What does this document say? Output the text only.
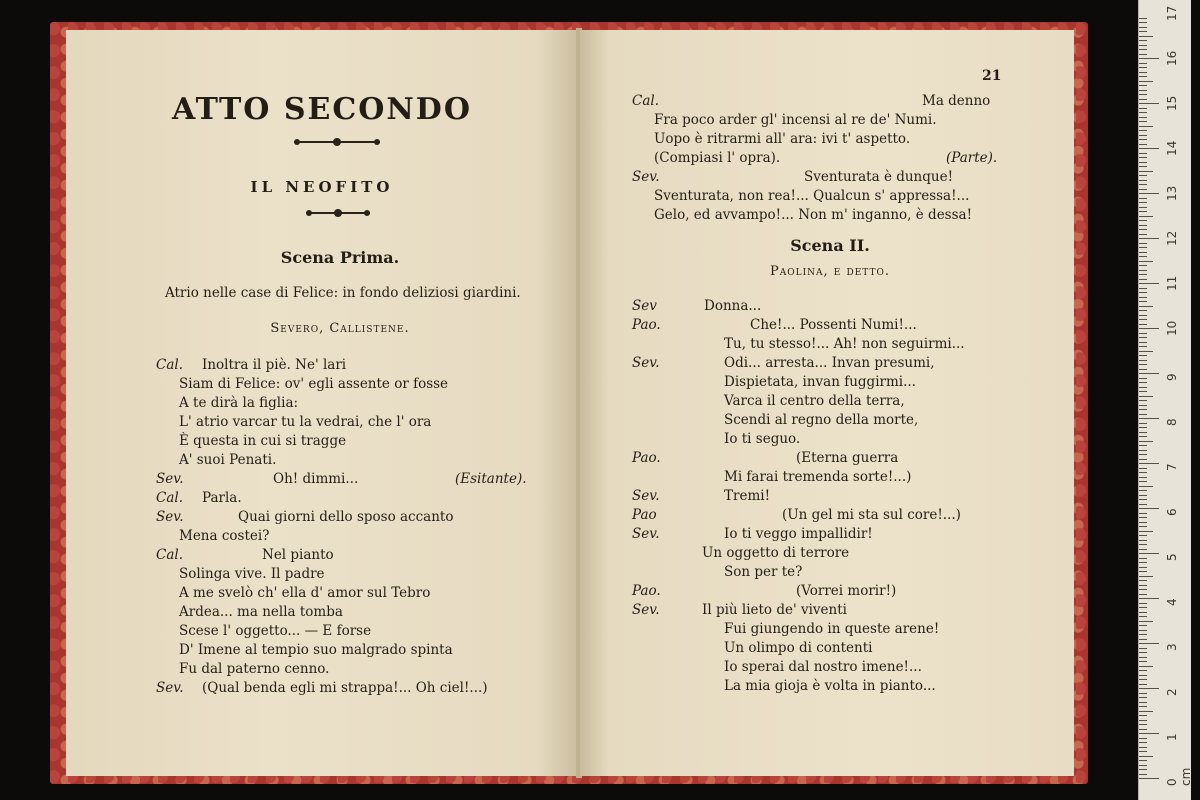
ATTO SECONDO
IL NEOFITO
Scena Prima.
Atrio nelle case di Felice: in fondo deliziosi giardini.
Severo, Callistene.
Cal. Inoltra il piè. Ne' lari
Siam di Felice: ov' egli assente or fosse
A te dirà la figlia:
L' atrio varcar tu la vedrai, che l' ora
È questa in cui si tragge
A' suoi Penati.
Sev.	Oh! dimmi...	(Esitante).
Cal. Parla.
Sev.	Quai giorni dello sposo accanto
Mena costei?
Cal.	Nel pianto
Solinga vive. Il padre
A me svelò ch' ella d' amor sul Tebro
Ardea... ma nella tomba
Scese l' oggetto... — E forse
D' Imene al tempio suo malgrado spinta
Fu dal paterno cenno.
Sev. (Qual benda egli mi strappa!... Oh ciel!...)
21
Cal.	Ma denno
Fra poco arder gl' incensi al re de' Numi.
Uopo è ritrarmi all' ara: ivi t' aspetto.
(Compiasi l' opra).	(Parte).
Sev.	Sventurata è dunque!
Sventurata, non rea!... Qualcun s' appressa!...
Gelo, ed avvampo!... Non m' inganno, è dessa!
Scena II.
Paolina, e detto.
Sev	Donna...
Pao.	Che!... Possenti Numi!...
Tu, tu stesso!... Ah! non seguirmi...
Sev.	Odi... arresta... Invan presumi,
Dispietata, invan fuggirmi...
Varca il centro della terra,
Scendi al regno della morte,
Io ti seguo.
Pao.	(Eterna guerra
Mi farai tremenda sorte!...)
Sev.	Tremi!
Pao	(Un gel mi sta sul core!...)
Sev.	Io ti veggo impallidir!
Un oggetto di terrore
Son per te?
Pao.	(Vorrei morir!)
Sev.	Il più lieto de' viventi
Fui giungendo in queste arene!
Un olimpo di contenti
Io sperai dal nostro imene!...
La mia gioja è volta in pianto...
0 cm
1
2
3
4
5
6
7
8
9
10
11
12
13
14
15
16
17
